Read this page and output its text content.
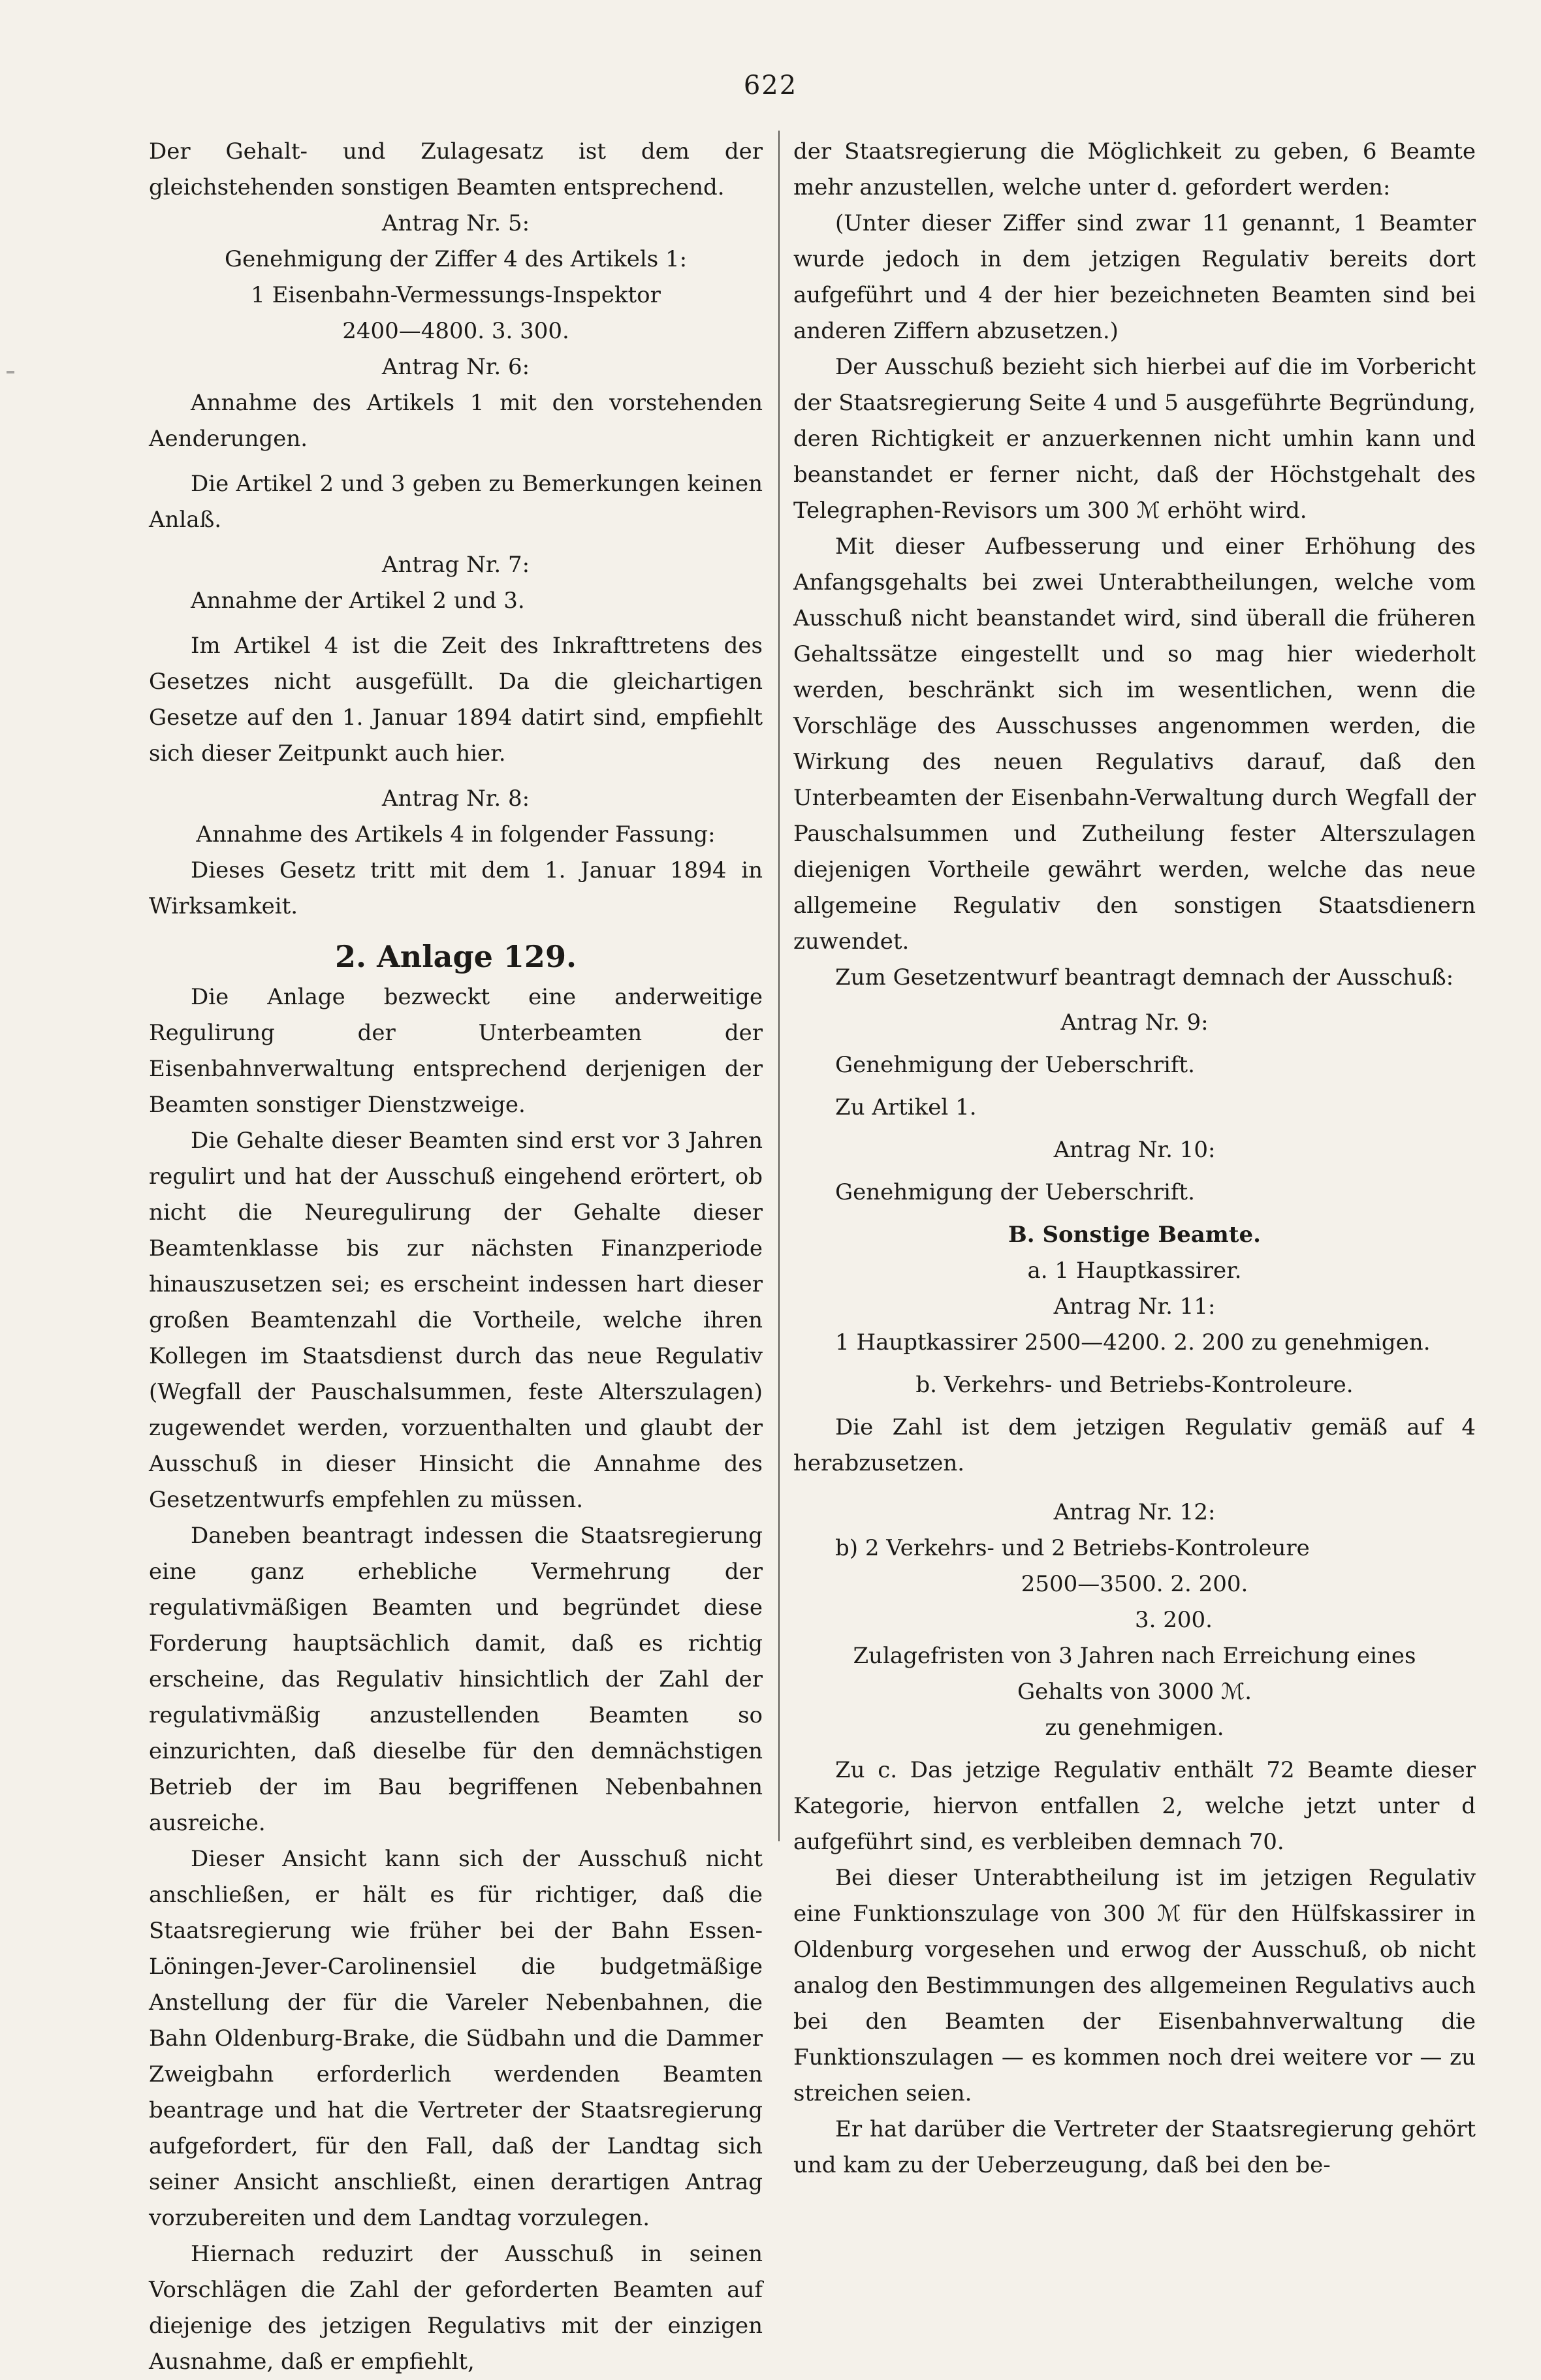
622

Der Gehalt- und Zulagesatz ist dem der gleichstehenden sonstigen Beamten entsprechend.

Antrag Nr. 5:

Genehmigung der Ziffer 4 des Artikels 1:

1 Eisenbahn-Vermessungs-Inspektor

2400—4800. 3. 300.

Antrag Nr. 6:

Annahme des Artikels 1 mit den vorstehenden Aenderungen.

Die Artikel 2 und 3 geben zu Bemerkungen keinen Anlaß.

Antrag Nr. 7:

Annahme der Artikel 2 und 3.

Im Artikel 4 ist die Zeit des Inkrafttretens des Gesetzes nicht ausgefüllt. Da die gleichartigen Gesetze auf den 1. Januar 1894 datirt sind, empfiehlt sich dieser Zeitpunkt auch hier.

Antrag Nr. 8:

Annahme des Artikels 4 in folgender Fassung:

Dieses Gesetz tritt mit dem 1. Januar 1894 in Wirksamkeit.

2. Anlage 129.

Die Anlage bezweckt eine anderweitige Regulirung der Unterbeamten der Eisenbahnverwaltung entsprechend derjenigen der Beamten sonstiger Dienstzweige.

Die Gehalte dieser Beamten sind erst vor 3 Jahren regulirt und hat der Ausschuß eingehend erörtert, ob nicht die Neuregulirung der Gehalte dieser Beamtenklasse bis zur nächsten Finanzperiode hinauszusetzen sei; es erscheint indessen hart dieser großen Beamtenzahl die Vortheile, welche ihren Kollegen im Staatsdienst durch das neue Regulativ (Wegfall der Pauschalsummen, feste Alterszulagen) zugewendet werden, vorzuenthalten und glaubt der Ausschuß in dieser Hinsicht die Annahme des Gesetzentwurfs empfehlen zu müssen.

Daneben beantragt indessen die Staatsregierung eine ganz erhebliche Vermehrung der regulativmäßigen Beamten und begründet diese Forderung hauptsächlich damit, daß es richtig erscheine, das Regulativ hinsichtlich der Zahl der regulativmäßig anzustellenden Beamten so einzurichten, daß dieselbe für den demnächstigen Betrieb der im Bau begriffenen Nebenbahnen ausreiche.

Dieser Ansicht kann sich der Ausschuß nicht anschließen, er hält es für richtiger, daß die Staatsregierung wie früher bei der Bahn Essen-Löningen-Jever-Carolinensiel die budgetmäßige Anstellung der für die Vareler Nebenbahnen, die Bahn Oldenburg-Brake, die Südbahn und die Dammer Zweigbahn erforderlich werdenden Beamten beantrage und hat die Vertreter der Staatsregierung aufgefordert, für den Fall, daß der Landtag sich seiner Ansicht anschließt, einen derartigen Antrag vorzubereiten und dem Landtag vorzulegen.

Hiernach reduzirt der Ausschuß in seinen Vorschlägen die Zahl der geforderten Beamten auf diejenige des jetzigen Regulativs mit der einzigen Ausnahme, daß er empfiehlt,

der Staatsregierung die Möglichkeit zu geben, 6 Beamte mehr anzustellen, welche unter d. gefordert werden:

(Unter dieser Ziffer sind zwar 11 genannt, 1 Beamter wurde jedoch in dem jetzigen Regulativ bereits dort aufgeführt und 4 der hier bezeichneten Beamten sind bei anderen Ziffern abzusetzen.)

Der Ausschuß bezieht sich hierbei auf die im Vorbericht der Staatsregierung Seite 4 und 5 ausgeführte Begründung, deren Richtigkeit er anzuerkennen nicht umhin kann und beanstandet er ferner nicht, daß der Höchstgehalt des Telegraphen-Revisors um 300 ℳ erhöht wird.

Mit dieser Aufbesserung und einer Erhöhung des Anfangsgehalts bei zwei Unterabtheilungen, welche vom Ausschuß nicht beanstandet wird, sind überall die früheren Gehaltssätze eingestellt und so mag hier wiederholt werden, beschränkt sich im wesentlichen, wenn die Vorschläge des Ausschusses angenommen werden, die Wirkung des neuen Regulativs darauf, daß den Unterbeamten der Eisenbahn-Verwaltung durch Wegfall der Pauschalsummen und Zutheilung fester Alterszulagen diejenigen Vortheile gewährt werden, welche das neue allgemeine Regulativ den sonstigen Staatsdienern zuwendet.

Zum Gesetzentwurf beantragt demnach der Ausschuß:

Antrag Nr. 9:

Genehmigung der Ueberschrift.

Zu Artikel 1.

Antrag Nr. 10:

Genehmigung der Ueberschrift.

B. Sonstige Beamte.

a. 1 Hauptkassirer.

Antrag Nr. 11:

1 Hauptkassirer 2500—4200. 2. 200 zu genehmigen.

b. Verkehrs- und Betriebs-Kontroleure.

Die Zahl ist dem jetzigen Regulativ gemäß auf 4 herabzusetzen.

Antrag Nr. 12:

b) 2 Verkehrs- und 2 Betriebs-Kontroleure

2500—3500. 2. 200.

3. 200.

Zulagefristen von 3 Jahren nach Erreichung eines Gehalts von 3000 ℳ.

zu genehmigen.

Zu c. Das jetzige Regulativ enthält 72 Beamte dieser Kategorie, hiervon entfallen 2, welche jetzt unter d aufgeführt sind, es verbleiben demnach 70.

Bei dieser Unterabtheilung ist im jetzigen Regulativ eine Funktionszulage von 300 ℳ für den Hülfskassirer in Oldenburg vorgesehen und erwog der Ausschuß, ob nicht analog den Bestimmungen des allgemeinen Regulativs auch bei den Beamten der Eisenbahnverwaltung die Funktionszulagen — es kommen noch drei weitere vor — zu streichen seien.

Er hat darüber die Vertreter der Staatsregierung gehört und kam zu der Ueberzeugung, daß bei den be-
